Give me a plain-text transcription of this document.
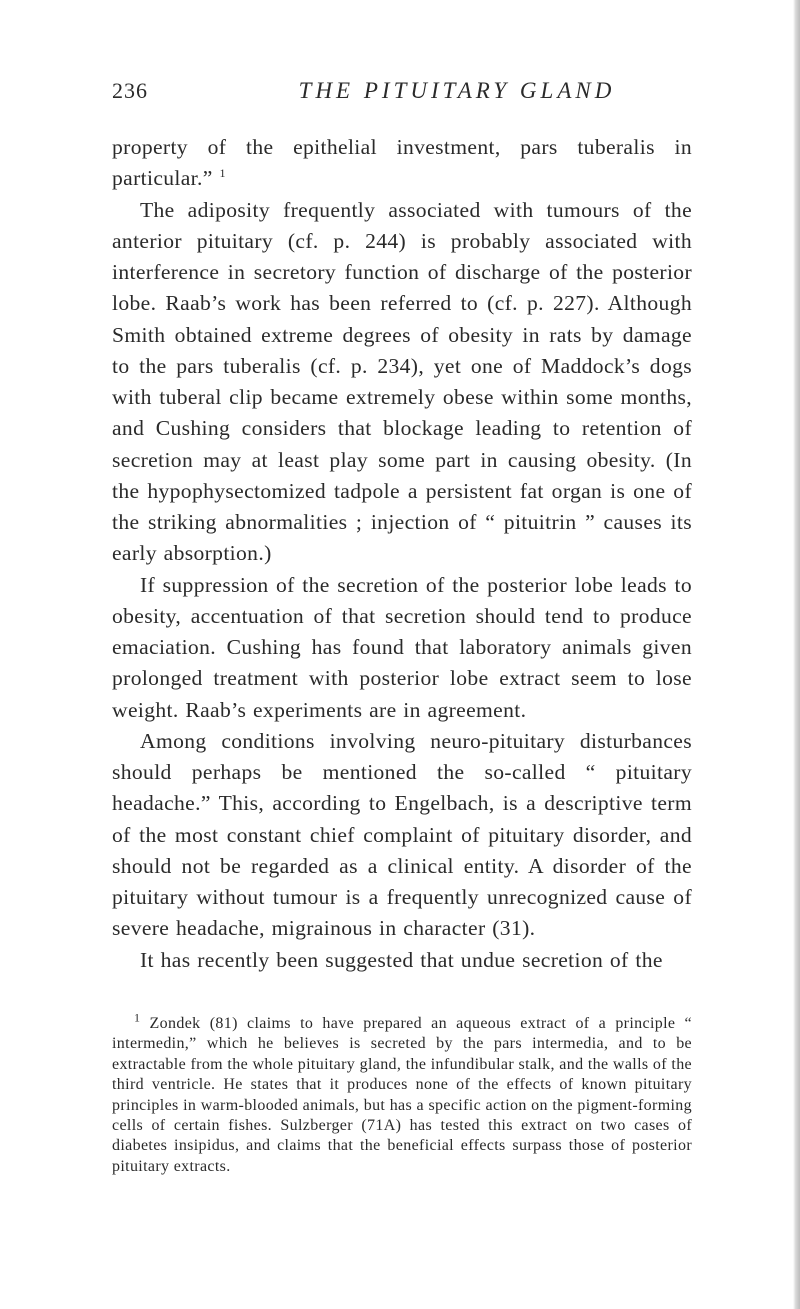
236	THE PITUITARY GLAND

property of the epithelial investment, pars tuberalis in particular.” $^1$

The adiposity frequently associated with tumours of the anterior pituitary (cf. p. 244) is probably associated with interference in secretory function of discharge of the posterior lobe. Raab’s work has been referred to (cf. p. 227). Although Smith obtained extreme degrees of obesity in rats by damage to the pars tuberalis (cf. p. 234), yet one of Maddock’s dogs with tuberal clip became extremely obese within some months, and Cushing considers that blockage leading to retention of secretion may at least play some part in causing obesity. (In the hypophysectomized tadpole a persistent fat organ is one of the striking abnormalities ; injection of “ pituitrin ” causes its early absorption.)

If suppression of the secretion of the posterior lobe leads to obesity, accentuation of that secretion should tend to produce emaciation. Cushing has found that laboratory animals given prolonged treatment with posterior lobe extract seem to lose weight. Raab’s experiments are in agreement.

Among conditions involving neuro-pituitary disturbances should perhaps be mentioned the so-called “ pituitary headache.” This, according to Engelbach, is a descriptive term of the most constant chief complaint of pituitary disorder, and should not be regarded as a clinical entity. A disorder of the pituitary without tumour is a frequently unrecognized cause of severe headache, migrainous in character (31).

It has recently been suggested that undue secretion of the

$^1$ Zondek (81) claims to have prepared an aqueous extract of a principle “ intermedin,” which he believes is secreted by the pars intermedia, and to be extractable from the whole pituitary gland, the infundibular stalk, and the walls of the third ventricle. He states that it produces none of the effects of known pituitary principles in warm-blooded animals, but has a specific action on the pigment-forming cells of certain fishes. Sulzberger (71A) has tested this extract on two cases of diabetes insipidus, and claims that the beneficial effects surpass those of posterior pituitary extracts.
